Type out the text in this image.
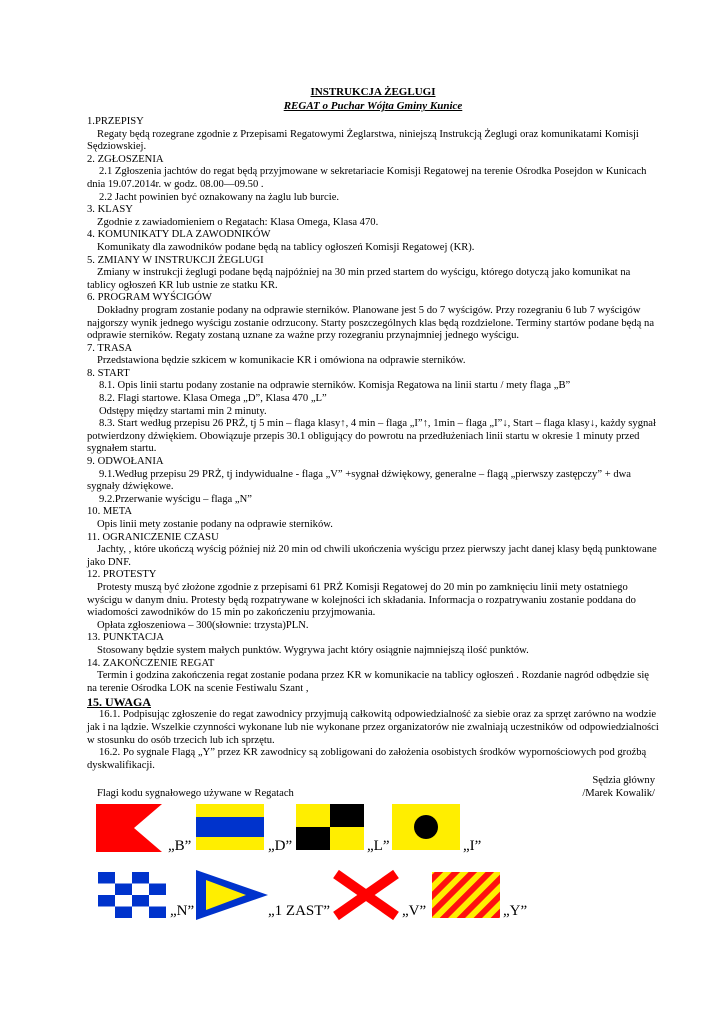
INSTRUKCJA ŻEGLUGI
REGAT o Puchar Wójta Gminy Kunice

1.PRZEPISY

Regaty będą rozegrane zgodnie z Przepisami Regatowymi Żeglarstwa, niniejszą Instrukcją Żeglugi oraz komunikatami Komisji Sędziowskiej.

2. ZGŁOSZENIA

2.1 Zgłoszenia jachtów do regat będą przyjmowane w sekretariacie Komisji Regatowej na terenie Ośrodka Posejdon w Kunicach dnia 19.07.2014r. w godz. 08.00—09.50 .

2.2 Jacht powinien być oznakowany na żaglu lub burcie.

3. KLASY

Zgodnie z zawiadomieniem o Regatach: Klasa Omega, Klasa 470.

4. KOMUNIKATY DLA ZAWODNIKÓW

Komunikaty dla zawodników podane będą na tablicy ogłoszeń Komisji Regatowej (KR).

5. ZMIANY W INSTRUKCJI ŻEGLUGI

Zmiany w instrukcji żeglugi podane będą najpóźniej na 30 min przed startem do wyścigu, którego dotyczą jako komunikat na tablicy ogłoszeń KR lub ustnie ze statku KR.

6. PROGRAM WYŚCIGÓW

Dokładny program zostanie podany na odprawie sterników. Planowane jest 5 do 7 wyścigów. Przy rozegraniu 6 lub 7 wyścigów najgorszy wynik jednego wyścigu zostanie odrzucony. Starty poszczególnych klas będą rozdzielone. Terminy startów podane będą na odprawie sterników. Regaty zostaną uznane za ważne przy rozegraniu przynajmniej jednego wyścigu.

7. TRASA

Przedstawiona będzie szkicem w komunikacie KR i omówiona na odprawie sterników.

8. START

8.1. Opis linii startu podany zostanie na odprawie sterników. Komisja Regatowa na linii startu / mety flaga „B”

8.2. Flagi startowe. Klasa Omega „D”, Klasa 470 „L”

Odstępy między startami min 2 minuty.

8.3. Start według przepisu 26 PRŻ, tj 5 min – flaga klasy↑, 4 min – flaga „I”↑, 1min – flaga „I”↓, Start – flaga klasy↓, każdy sygnał potwierdzony dźwiękiem. Obowiązuje przepis 30.1 obligujący do powrotu na przedłużeniach linii startu w okresie 1 minuty przed sygnałem startu.

9. ODWOŁANIA

9.1.Według przepisu 29 PRŻ, tj indywidualne - flaga „V” +sygnał dźwiękowy, generalne – flagą „pierwszy zastępczy” + dwa sygnały dźwiękowe.

9.2.Przerwanie wyścigu – flaga „N”

10. META

Opis linii mety zostanie podany na odprawie sterników.

11. OGRANICZENIE CZASU

Jachty, , które ukończą wyścig później niż 20 min od chwili ukończenia wyścigu przez pierwszy jacht danej klasy będą punktowane jako DNF.

12. PROTESTY

Protesty muszą być złożone zgodnie z przepisami 61 PRŻ Komisji Regatowej do 20 min po zamknięciu linii mety ostatniego wyścigu w danym dniu. Protesty będą rozpatrywane w kolejności ich składania. Informacja o rozpatrywaniu zostanie poddana do wiadomości zawodników do 15 min po zakończeniu przyjmowania.

Opłata zgłoszeniowa – 300(słownie: trzysta)PLN.

13. PUNKTACJA

Stosowany będzie system małych punktów. Wygrywa jacht który osiągnie najmniejszą ilość punktów.

14. ZAKOŃCZENIE REGAT

Termin i godzina zakończenia regat zostanie podana przez KR w komunikacie na tablicy ogłoszeń . Rozdanie nagród odbędzie się na terenie Ośrodka LOK na scenie Festiwalu Szant ,

15. UWAGA

16.1. Podpisując zgłoszenie do regat zawodnicy przyjmują całkowitą odpowiedzialność za siebie oraz za sprzęt zarówno na wodzie jak i na lądzie. Wszelkie czynności wykonane lub nie wykonane przez organizatorów nie zwalniają uczestników od odpowiedzialności w stosunku do osób trzecich lub ich sprzętu.

16.2. Po sygnale Flagą „Y” przez KR zawodnicy są zobligowani do założenia osobistych środków wypornościowych pod groźbą dyskwalifikacji.

Sędzia główny
/Marek Kowalik/
Flagi kodu sygnałowego używane w Regatach
„B”	„D”	„L”	„I”
„N”	„1 ZAST”	„V”	„Y”
